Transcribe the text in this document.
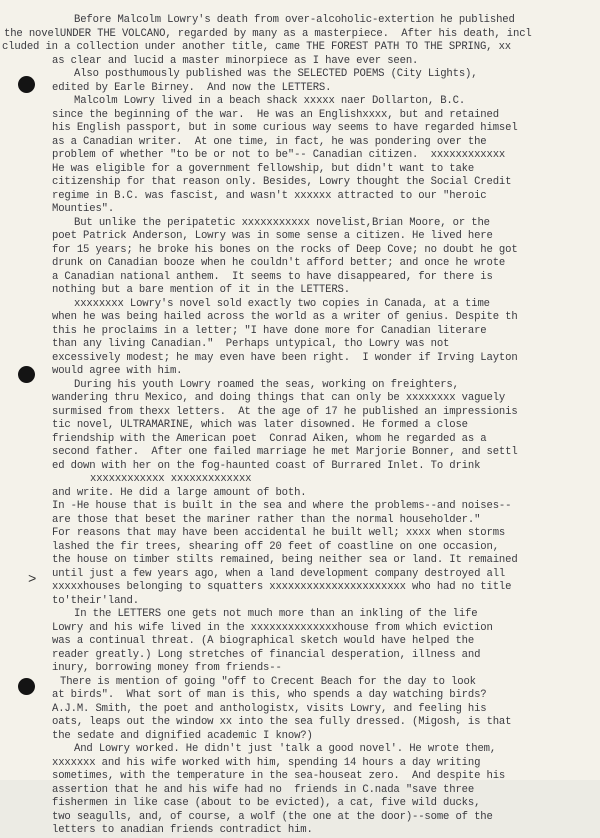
>
Before Malcolm Lowry's death from over-alcoholic-extertion he published
the novelUNDER THE VOLCANO, regarded by many as a masterpiece.  After his death, incl
cluded in a collection under another title, came THE FOREST PATH TO THE SPRING, xx
as clear and lucid a master minorpiece as I have ever seen.
Also posthumously published was the SELECTED POEMS (City Lights),
edited by Earle Birney.  And now the LETTERS.
Malcolm Lowry lived in a beach shack xxxxx naer Dollarton, B.C.
since the beginning of the war.  He was an Englishxxxx, but and retained
his English passport, but in some curious way seems to have regarded himsel
as a Canadian writer.  At one time, in fact, he was pondering over the
problem of whether "to be or not to be"-- Canadian citizen.  xxxxxxxxxxxx
He was eligible for a government fellowship, but didn't want to take
citizenship for that reason only. Besides, Lowry thought the Social Credit
regime in B.C. was fascist, and wasn't xxxxxx attracted to our "heroic
Mounties".
But unlike the peripatetic xxxxxxxxxxx novelist,Brian Moore, or the
poet Patrick Anderson, Lowry was in some sense a citizen. He lived here
for 15 years; he broke his bones on the rocks of Deep Cove; no doubt he got
drunk on Canadian booze when he couldn't afford better; and once he wrote
a Canadian national anthem.  It seems to have disappeared, for there is
nothing but a bare mention of it in the LETTERS.
xxxxxxxx Lowry's novel sold exactly two copies in Canada, at a time
when he was being hailed across the world as a writer of genius. Despite th
this he proclaims in a letter; "I have done more for Canadian literare
than any living Canadian."  Perhaps untypical, tho Lowry was not
excessively modest; he may even have been right.  I wonder if Irving Layton
would agree with him.
During his youth Lowry roamed the seas, working on freighters,
wandering thru Mexico, and doing things that can only be xxxxxxxx vaguely
surmised from thexx letters.  At the age of 17 he published an impressionis
tic novel, ULTRAMARINE, which was later disowned. He formed a close
friendship with the American poet  Conrad Aiken, whom he regarded as a
second father.  After one failed marriage he met Marjorie Bonner, and settl
ed down with her on the fog-haunted coast of Burrared Inlet. To drink
xxxxxxxxxxxx xxxxxxxxxxxxx
and write. He did a large amount of both.
In -He house that is built in the sea and where the problems--and noises--
are those that beset the mariner rather than the normal householder."
For reasons that may have been accidental he built well; xxxx when storms
lashed the fir trees, shearing off 20 feet of coastline on one occasion,
the house on timber stilts remained, being neither sea or land. It remained
until just a few years ago, when a land development company destroyed all
xxxxxhouses belonging to squatters xxxxxxxxxxxxxxxxxxxxxx who had no title
to'their'land.
In the LETTERS one gets not much more than an inkling of the life
Lowry and his wife lived in the xxxxxxxxxxxxxxhouse from which eviction
was a continual threat. (A biographical sketch would have helped the
reader greatly.) Long stretches of financial desperation, illness and
inury, borrowing money from friends--
There is mention of going "off to Crecent Beach for the day to look
at birds".  What sort of man is this, who spends a day watching birds?
A.J.M. Smith, the poet and anthologistx, visits Lowry, and feeling his
oats, leaps out the window xx into the sea fully dressed. (Migosh, is that
the sedate and dignified academic I know?)
And Lowry worked. He didn't just 'talk a good novel'. He wrote them,
xxxxxxx and his wife worked with him, spending 14 hours a day writing
sometimes, with the temperature in the sea-houseat zero.  And despite his
assertion that he and his wife had no  friends in C.nada "save three
fishermen in like case (about to be evicted), a cat, five wild ducks,
two seagulls, and, of course, a wolf (the one at the door)--some of the
letters to anadian friends contradict him.
